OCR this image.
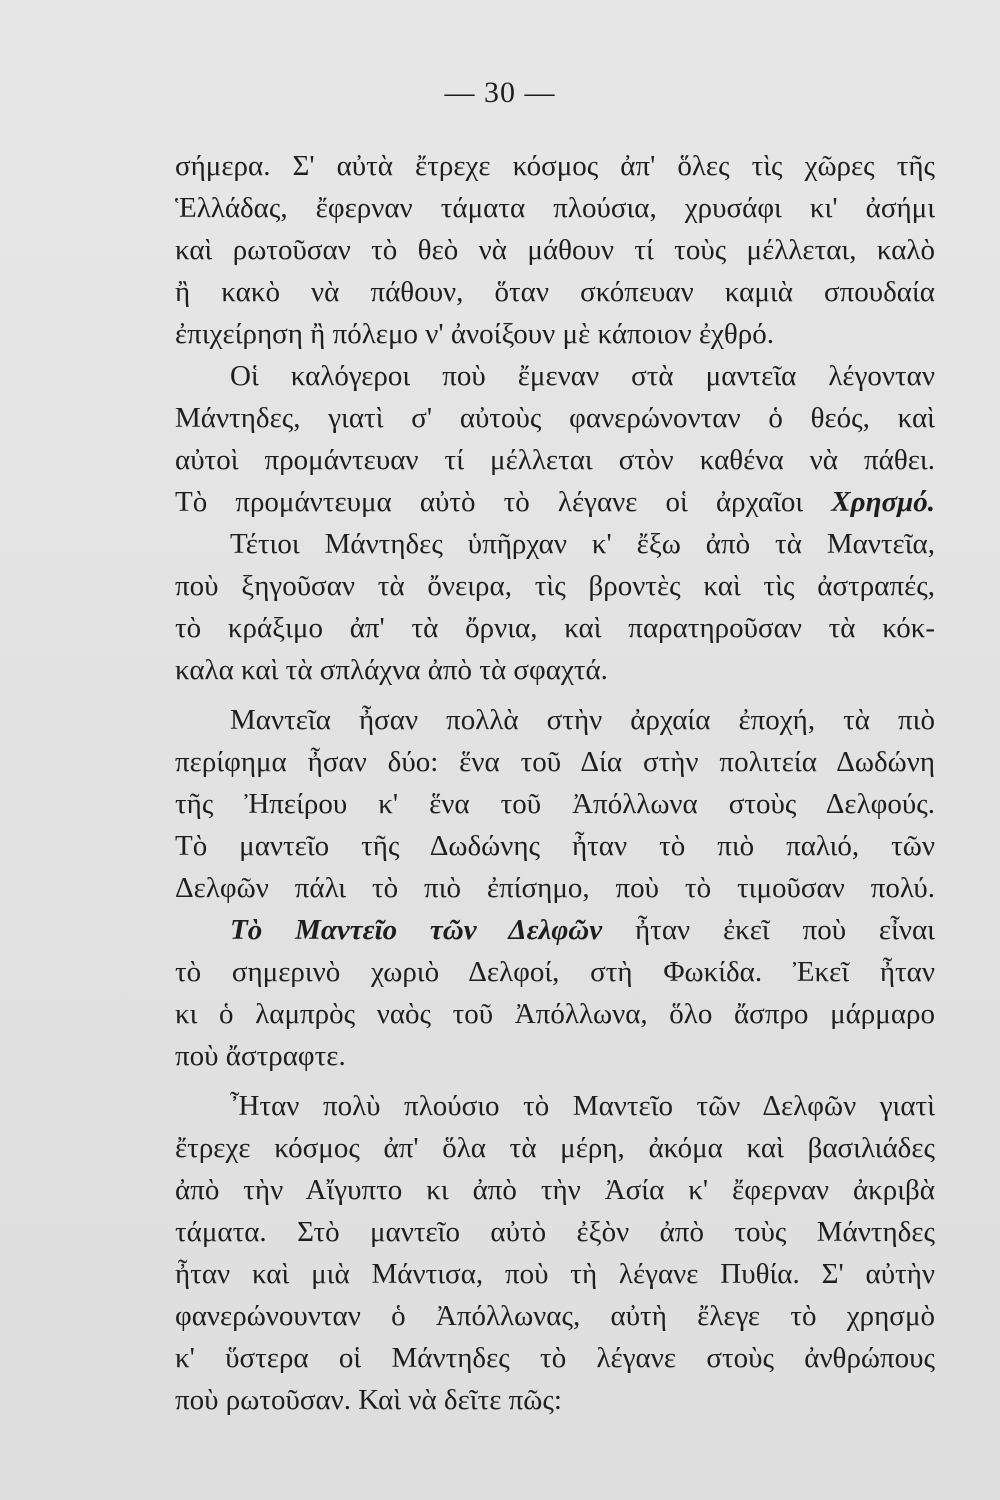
— 30 —
σήμερα. Σ' αὐτὰ ἔτρεχε κόσμος ἀπ' ὅλες τὶς χῶρες τῆς
Ἑλλάδας, ἔφερναν τάματα πλούσια, χρυσάφι κι' ἀσήμι
καὶ ρωτοῦσαν τὸ θεὸ νὰ μάθουν τί τοὺς μέλλεται, καλὸ
ἢ κακὸ νὰ πάθουν, ὅταν σκόπευαν καμιὰ σπουδαία
ἐπιχείρηση ἢ πόλεμο ν' ἀνοίξουν μὲ κάποιον ἐχθρό.
Οἱ καλόγεροι ποὺ ἔμεναν στὰ μαντεῖα λέγονταν
Μάντηδες, γιατὶ σ' αὐτοὺς φανερώνονταν ὁ θεός, καὶ
αὐτοὶ προμάντευαν τί μέλλεται στὸν καθένα νὰ πάθει.
Τὸ προμάντευμα αὐτὸ τὸ λέγανε οἱ ἀρχαῖοι Χρησμό.
Τέτιοι Μάντηδες ὑπῆρχαν κ' ἔξω ἀπὸ τὰ Μαντεῖα,
ποὺ ξηγοῦσαν τὰ ὄνειρα, τὶς βροντὲς καὶ τὶς ἀστραπές,
τὸ κράξιμο ἀπ' τὰ ὄρνια, καὶ παρατηροῦσαν τὰ κόκ-
καλα καὶ τὰ σπλάχνα ἀπὸ τὰ σφαχτά.
Μαντεῖα ἦσαν πολλὰ στὴν ἀρχαία ἐποχή, τὰ πιὸ
περίφημα ἦσαν δύο: ἕνα τοῦ Δία στὴν πολιτεία Δωδώνη
τῆς Ἠπείρου κ' ἕνα τοῦ Ἀπόλλωνα στοὺς Δελφούς.
Τὸ μαντεῖο τῆς Δωδώνης ἦταν τὸ πιὸ παλιό, τῶν
Δελφῶν πάλι τὸ πιὸ ἐπίσημο, ποὺ τὸ τιμοῦσαν πολύ.
Τὸ Μαντεῖο τῶν Δελφῶν ἦταν ἐκεῖ ποὺ εἶναι
τὸ σημερινὸ χωριὸ Δελφοί, στὴ Φωκίδα. Ἐκεῖ ἦταν
κι ὁ λαμπρὸς ναὸς τοῦ Ἀπόλλωνα, ὅλο ἄσπρο μάρμαρο
ποὺ ἄστραφτε.
Ἦταν πολὺ πλούσιο τὸ Μαντεῖο τῶν Δελφῶν γιατὶ
ἔτρεχε κόσμος ἀπ' ὅλα τὰ μέρη, ἀκόμα καὶ βασιλιάδες
ἀπὸ τὴν Αἴγυπτο κι ἀπὸ τὴν Ἀσία κ' ἔφερναν ἀκριβὰ
τάματα. Στὸ μαντεῖο αὐτὸ ἐξὸν ἀπὸ τοὺς Μάντηδες
ἦταν καὶ μιὰ Μάντισα, ποὺ τὴ λέγανε Πυθία. Σ' αὐτὴν
φανερώνουνταν ὁ Ἀπόλλωνας, αὐτὴ ἔλεγε τὸ χρησμὸ
κ' ὕστερα οἱ Μάντηδες τὸ λέγανε στοὺς ἀνθρώπους
ποὺ ρωτοῦσαν. Καὶ νὰ δεῖτε πῶς:
